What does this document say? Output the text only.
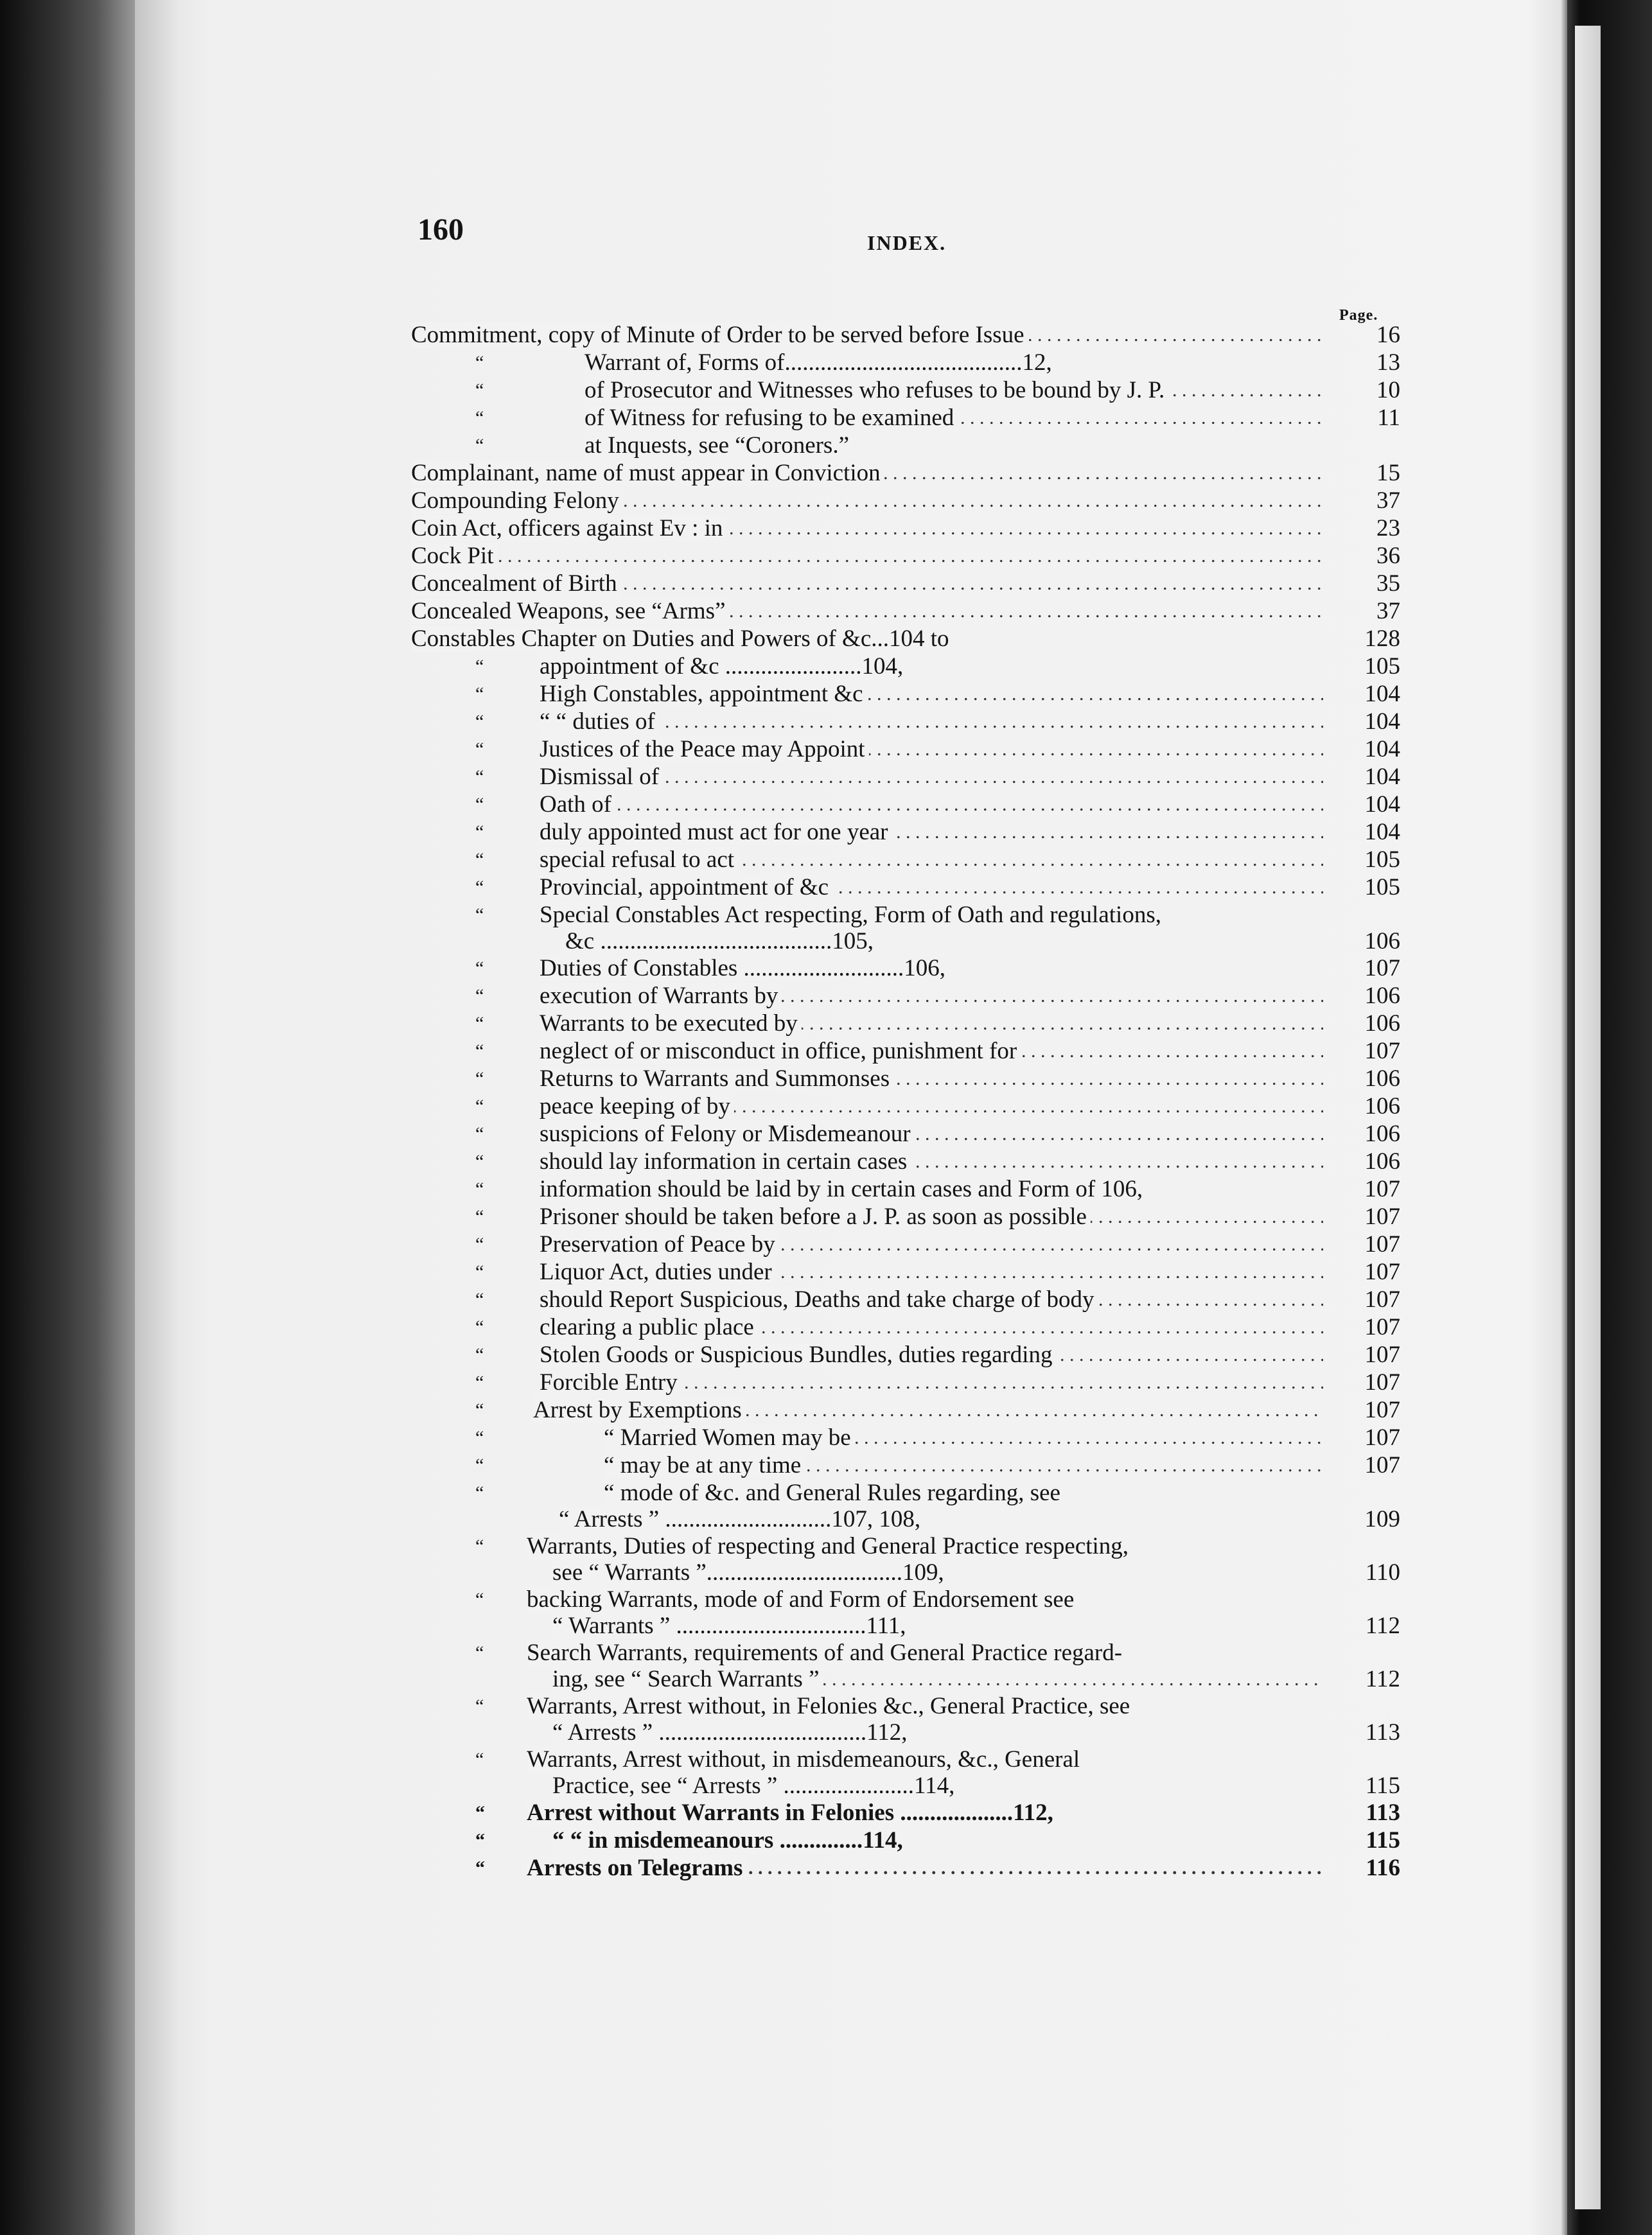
160	INDEX.
Page.
Commitment, copy of Minute of Order to be served before Issue . . .	16
“	Warrant of, Forms of........................................12,	13
“	of Prosecutor and Witnesses who refuses to be bound by J. P. . . .	10
“	of Witness for refusing to be examined . . .	11
“	at Inquests, see “Coroners.”
Complainant, name of must appear in Conviction . . .	15
Compounding Felony . . .	37
Coin Act, officers against Ev : in . . .	23
Cock Pit . . .	36
Concealment of Birth . . .	35
Concealed Weapons, see “Arms” . . .	37
Constables Chapter on Duties and Powers of &c...104 to	128
“ appointment of &c .......................104,	105
“ High Constables, appointment &c . . .	104
“ “ “ duties of . . .	104
“ Justices of the Peace may Appoint . . .	104
“ Dismissal of . . .	104
“ Oath of . . .	104
“ duly appointed must act for one year . . .	104
“ special refusal to act . . .	105
“ Provincial, appointment of &c . . .	105
“ Special Constables Act respecting, Form of Oath and regulations,
&c .......................................105,	106
“ Duties of Constables ...........................106,	107
“ execution of Warrants by . . .	106
“ Warrants to be executed by . . .	106
“ neglect of or misconduct in office, punishment for . . .	107
“ Returns to Warrants and Summonses . . .	106
“ peace keeping of by . . .	106
“ suspicions of Felony or Misdemeanour . . .	106
“ should lay information in certain cases . . .	106
“ information should be laid by in certain cases and Form of 106,	107
“ Prisoner should be taken before a J. P. as soon as possible . . .	107
“ Preservation of Peace by . . .	107
“ Liquor Act, duties under . . .	107
“ should Report Suspicious, Deaths and take charge of body . . .	107
“ clearing a public place . . .	107
“ Stolen Goods or Suspicious Bundles, duties regarding . . .	107
“ Forcible Entry . . .	107
“ Arrest by Exemptions . . .	107
“	“ Married Women may be . . .	107
“	“ may be at any time . . .	107
“	“ mode of &c. and General Rules regarding, see
“ Arrests ” ............................107, 108,	109
“ Warrants, Duties of respecting and General Practice respecting,
see “ Warrants ”.................................109,	110
“ backing Warrants, mode of and Form of Endorsement see
“ Warrants ” ................................111,	112
“ Search Warrants, requirements of and General Practice regard-
ing, see “ Search Warrants ” . . .	112
“ Warrants, Arrest without, in Felonies &c., General Practice, see
“ Arrests ” ...................................112,	113
“ Warrants, Arrest without, in misdemeanours, &c., General
Practice, see “ Arrests ” ......................114,	115
“ Arrest without Warrants in Felonies ...................112,	113
“	“ “ in misdemeanours ..............114,	115
“ Arrests on Telegrams . . .	116
